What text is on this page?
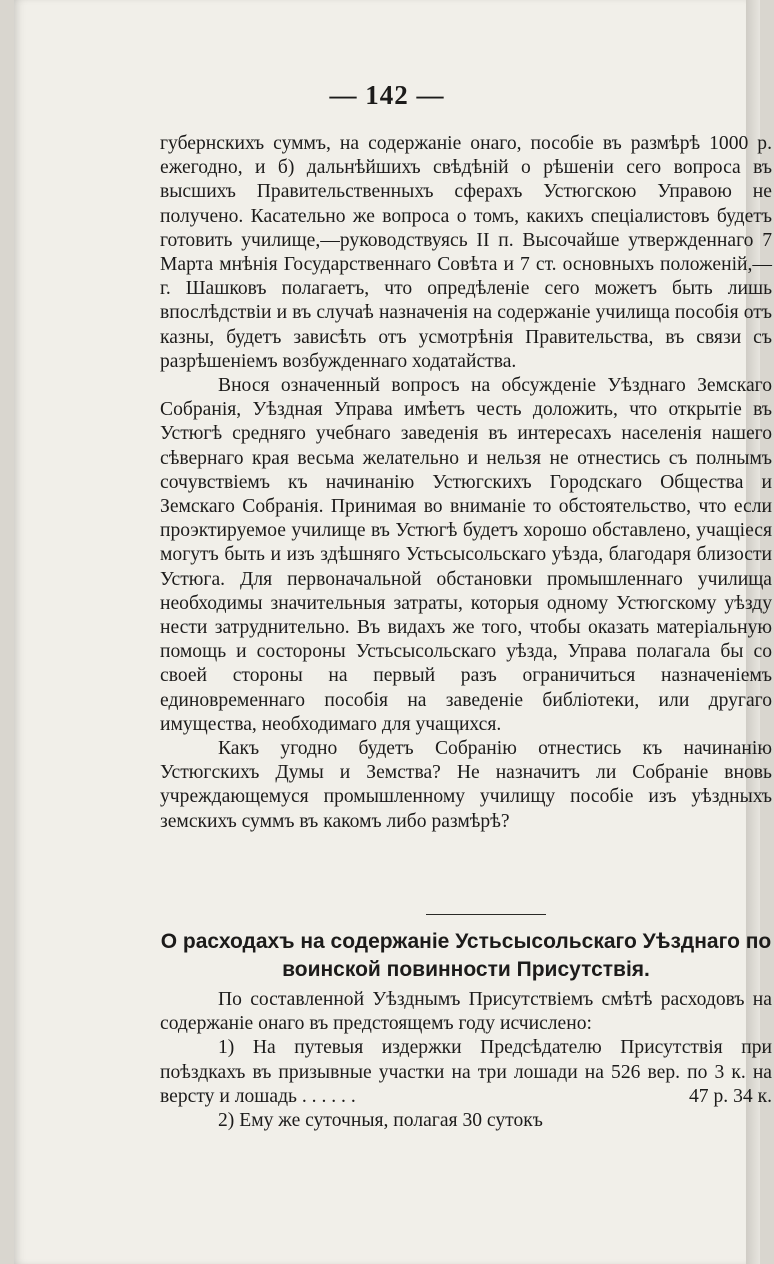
— 142 —

губернскихъ суммъ, на содержаніе онаго, пособіе въ размѣрѣ 1000 р. ежегодно, и б) дальнѣйшихъ свѣдѣній о рѣшеніи сего вопроса въ высшихъ Правительственныхъ сферахъ Устюгскою Управою не получено. Касательно же вопроса о томъ, какихъ спеціалистовъ будетъ готовить училище,—руководствуясь II п. Высочайше утвержденнаго 7 Марта мнѣнія Государственнаго Совѣта и 7 ст. основныхъ положеній,—г. Шашковъ полагаетъ, что опредѣленіе сего можетъ быть лишь впослѣдствіи и въ случаѣ назначенія на содержаніе училища пособія отъ казны, будетъ зависѣть отъ усмотрѣнія Правительства, въ связи съ разрѣшеніемъ возбужденнаго ходатайства.

Внося означенный вопросъ на обсужденіе Уѣзднаго Земскаго Собранія, Уѣздная Управа имѣетъ честь доложить, что открытіе въ Устюгѣ средняго учебнаго заведенія въ интересахъ населенія нашего сѣвернаго края весьма желательно и нельзя не отнестись съ полнымъ сочувствіемъ къ начинанію Устюгскихъ Городскаго Общества и Земскаго Собранія. Принимая во вниманіе то обстоятельство, что если проэктируемое училище въ Устюгѣ будетъ хорошо обставлено, учащіеся могутъ быть и изъ здѣшняго Устьсысольскаго уѣзда, благодаря близости Устюга. Для первоначальной обстановки промышленнаго училища необходимы значительныя затраты, которыя одному Устюгскому уѣзду нести затруднительно. Въ видахъ же того, чтобы оказать матеріальную помощь и состороны Устьсысольскаго уѣзда, Управа полагала бы со своей стороны на первый разъ ограничиться назначеніемъ единовременнаго пособія на заведеніе библіотеки, или другаго имущества, необходимаго для учащихся.

Какъ угодно будетъ Собранію отнестись къ начинанію Устюгскихъ Думы и Земства? Не назначитъ ли Собраніе вновь учреждающемуся промышленному училищу пособіе изъ уѣздныхъ земскихъ суммъ въ какомъ либо размѣрѣ?

О расходахъ на содержаніе Устьсысольскаго Уѣзднаго по воинской повинности Присутствія.

По составленной Уѣзднымъ Присутствіемъ смѣтѣ расходовъ на содержаніе онаго въ предстоящемъ году исчислено:

1) На путевыя издержки Предсѣдателю Присутствія при поѣздкахъ въ призывные участки на три лошади на 526 вер. по 3 к. на версту и лошадь . . . . . .	47 р. 34 к.

2) Ему же суточныя, полагая 30 сутокъ
